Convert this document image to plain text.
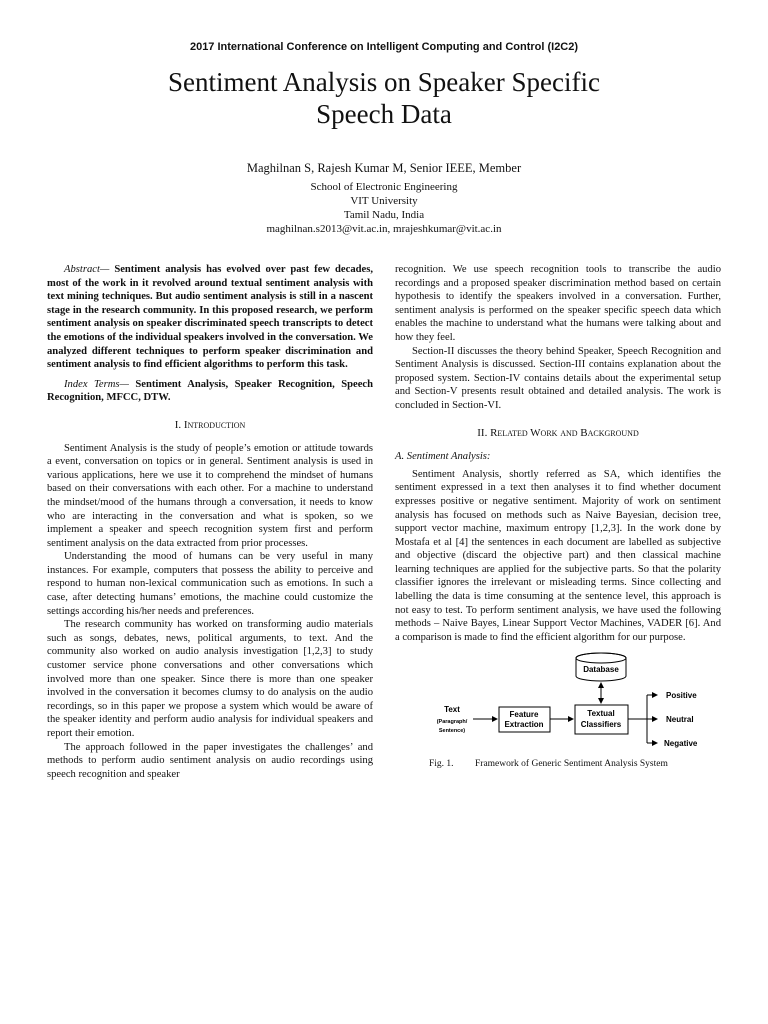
2017 International Conference on Intelligent Computing and Control (I2C2)
Sentiment Analysis on Speaker Specific
Speech Data
Maghilnan S, Rajesh Kumar M, Senior IEEE, Member
School of Electronic Engineering
VIT University
Tamil Nadu, India
maghilnan.s2013@vit.ac.in, mrajeshkumar@vit.ac.in

Abstract— Sentiment analysis has evolved over past few decades, most of the work in it revolved around textual sentiment analysis with text mining techniques. But audio sentiment analysis is still in a nascent stage in the research community. In this proposed research, we perform sentiment analysis on speaker discriminated speech transcripts to detect the emotions of the individual speakers involved in the conversation. We analyzed different techniques to perform speaker discrimination and sentiment analysis to find efficient algorithms to perform this task.

Index Terms— Sentiment Analysis, Speaker Recognition, Speech Recognition, MFCC, DTW.

I. Introduction

Sentiment Analysis is the study of people’s emotion or attitude towards a event, conversation on topics or in general. Sentiment analysis is used in various applications, here we use it to comprehend the mindset of humans based on their conversations with each other. For a machine to understand the mindset/mood of the humans through a conversation, it needs to know who are interacting in the conversation and what is spoken, so we implement a speaker and speech recognition system first and perform sentiment analysis on the data extracted from prior processes.

Understanding the mood of humans can be very useful in many instances. For example, computers that possess the ability to perceive and respond to human non-lexical communication such as emotions. In such a case, after detecting humans’ emotions, the machine could customize the settings according his/her needs and preferences.

The research community has worked on transforming audio materials such as songs, debates, news, political arguments, to text. And the community also worked on audio analysis investigation [1,2,3] to study customer service phone conversations and other conversations which involved more than one speaker. Since there is more than one speaker involved in the conversation it becomes clumsy to do analysis on the audio recordings, so in this paper we propose a system which would be aware of the speaker identity and perform audio analysis for individual speakers and report their emotion.

The approach followed in the paper investigates the challenges’ and methods to perform audio sentiment analysis on audio recordings using speech recognition and speaker

recognition. We use speech recognition tools to transcribe the audio recordings and a proposed speaker discrimination method based on certain hypothesis to identify the speakers involved in a conversation. Further, sentiment analysis is performed on the speaker specific speech data which enables the machine to understand what the humans were talking about and how they feel.

Section-II discusses the theory behind Speaker, Speech Recognition and Sentiment Analysis is discussed. Section-III contains explanation about the proposed system. Section-IV contains details about the experimental setup and Section-V presents result obtained and detailed analysis. The work is concluded in Section-VI.

II. Related Work and Background
A. Sentiment Analysis:

Sentiment Analysis, shortly referred as SA, which identifies the sentiment expressed in a text then analyses it to find whether document expresses positive or negative sentiment. Majority of work on sentiment analysis has focused on methods such as Naive Bayesian, decision tree, support vector machine, maximum entropy [1,2,3]. In the work done by Mostafa et al [4] the sentences in each document are labelled as subjective and objective (discard the objective part) and then classical machine learning techniques are applied for the subjective parts. So that the polarity classifier ignores the irrelevant or misleading terms. Since collecting and labelling the data is time consuming at the sentence level, this approach is not easy to test. To perform sentiment analysis, we have used the following methods – Naive Bayes, Linear Support Vector Machines, VADER [6]. And a comparison is made to find the efficient algorithm for our purpose.

Database
Text
(Paragraph/
Sentence)
Feature
Extraction
Textual
Classifiers
Positive
Neutral
Negative

Fig. 1. Framework of Generic Sentiment Analysis System
